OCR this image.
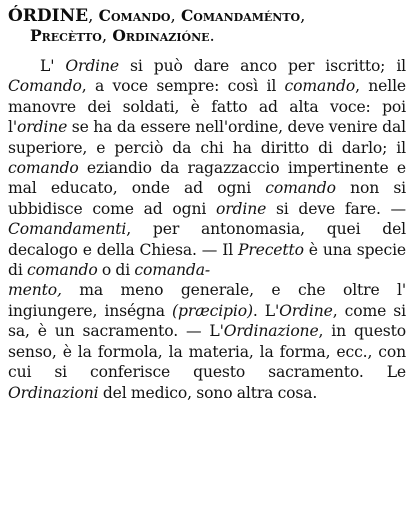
ÓRDINE, Comando, Comandaménto,
Precètto, Ordinazióne.

L' Ordine si può dare anco per iscritto; il Comando, a voce sempre: così il comando, nelle manovre dei soldati, è fatto ad alta voce: poi l'ordine se ha da essere nell'ordine, deve venire dal superiore, e perciò da chi ha diritto di darlo; il comando eziandio da ragazzaccio impertinente e mal educato, onde ad ogni comando non si ubbidisce come ad ogni ordine si deve fare. — Comandamenti, per antonomasia, quei del decalogo e della Chiesa. — Il Precetto è una specie di comando o di comanda-
mento, ma meno generale, e che oltre l' ingiungere, inségna (præcipio). L'Ordine, come si sa, è un sacramento. — L'Ordinazione, in questo senso, è la formola, la materia, la forma, ecc., con cui si conferisce questo sacramento. Le Ordinazioni del medico, sono altra cosa.
